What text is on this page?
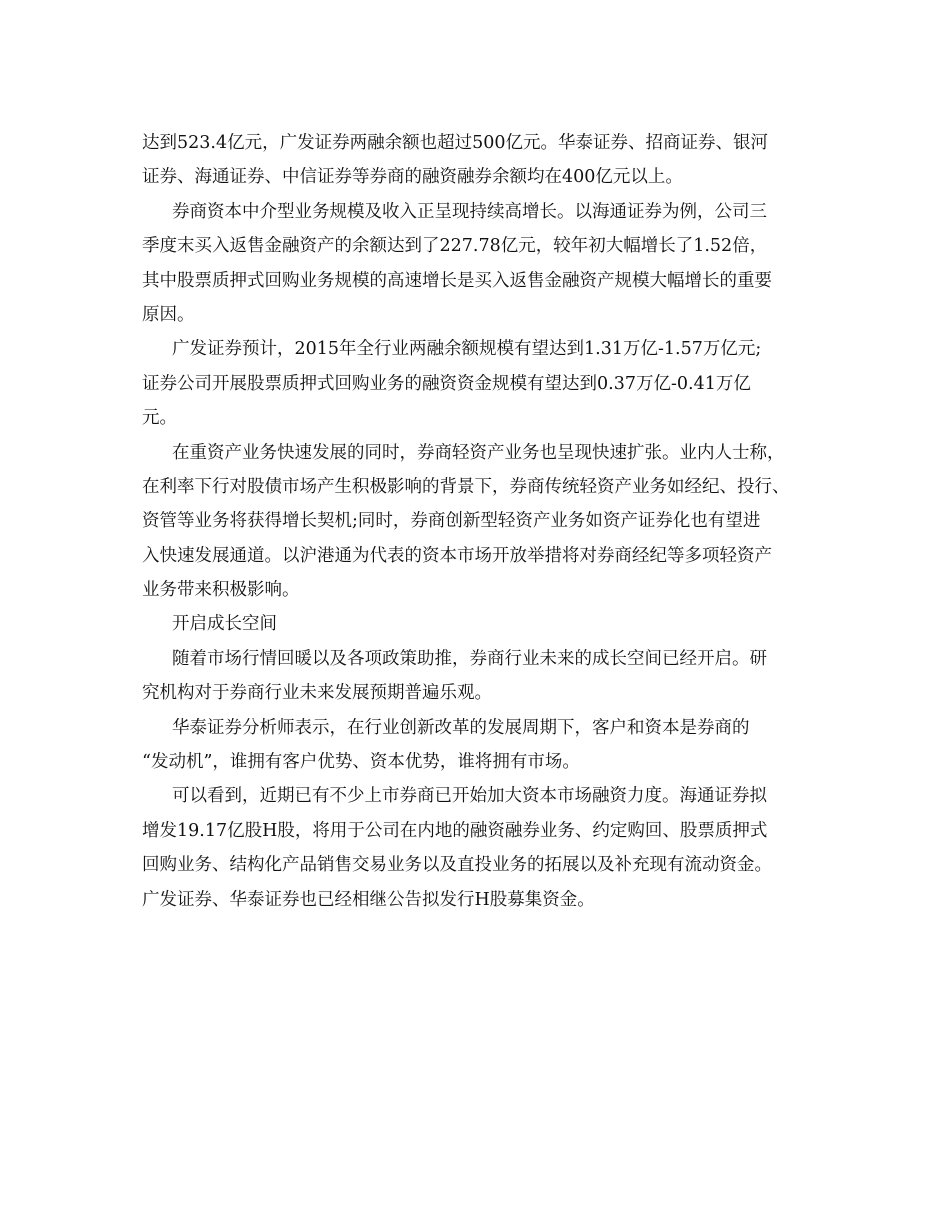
达到523.4亿元，广发证券两融余额也超过500亿元。华泰证券、招商证券、银河
证券、海通证券、中信证券等券商的融资融券余额均在400亿元以上。
券商资本中介型业务规模及收入正呈现持续高增长。以海通证券为例，公司三
季度末买入返售金融资产的余额达到了227.78亿元，较年初大幅增长了1.52倍，
其中股票质押式回购业务规模的高速增长是买入返售金融资产规模大幅增长的重要
原因。
广发证券预计，2015年全行业两融余额规模有望达到1.31万亿-1.57万亿元;
证券公司开展股票质押式回购业务的融资资金规模有望达到0.37万亿-0.41万亿
元。
在重资产业务快速发展的同时，券商轻资产业务也呈现快速扩张。业内人士称，
在利率下行对股债市场产生积极影响的背景下，券商传统轻资产业务如经纪、投行、
资管等业务将获得增长契机;同时，券商创新型轻资产业务如资产证券化也有望进
入快速发展通道。以沪港通为代表的资本市场开放举措将对券商经纪等多项轻资产
业务带来积极影响。
开启成长空间
随着市场行情回暖以及各项政策助推，券商行业未来的成长空间已经开启。研
究机构对于券商行业未来发展预期普遍乐观。
华泰证券分析师表示，在行业创新改革的发展周期下，客户和资本是券商的
“发动机”，谁拥有客户优势、资本优势，谁将拥有市场。
可以看到，近期已有不少上市券商已开始加大资本市场融资力度。海通证券拟
增发19.17亿股H股，将用于公司在内地的融资融券业务、约定购回、股票质押式
回购业务、结构化产品销售交易业务以及直投业务的拓展以及补充现有流动资金。
广发证券、华泰证券也已经相继公告拟发行H股募集资金。
